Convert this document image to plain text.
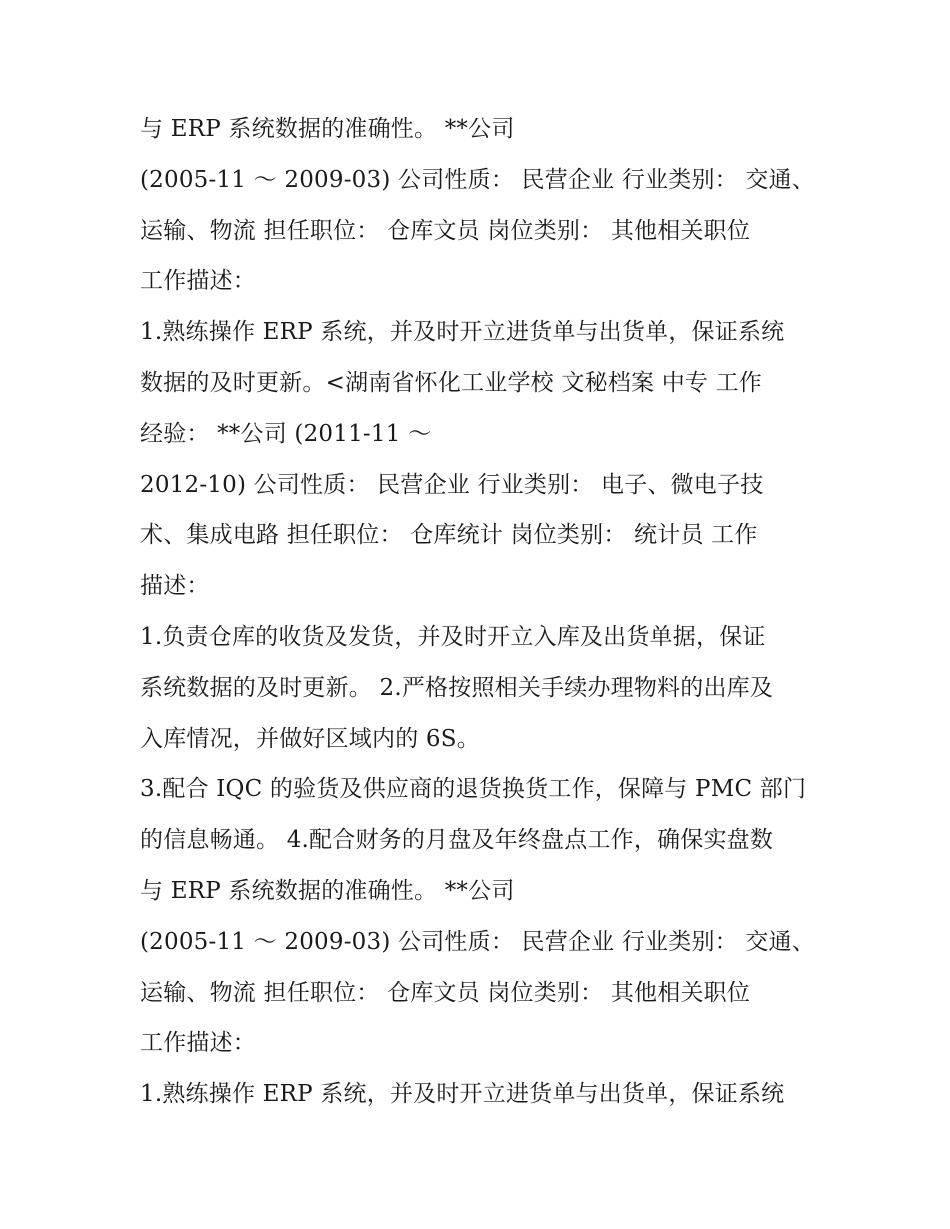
与 ERP 系统数据的准确性。 **公司
(2005-11 ～ 2009-03) 公司性质： 民营企业 行业类别： 交通、
运输、物流 担任职位： 仓库文员 岗位类别： 其他相关职位
工作描述：
1.熟练操作 ERP 系统，并及时开立进货单与出货单，保证系统
数据的及时更新。<湖南省怀化工业学校 文秘档案 中专 工作
经验： **公司 (2011-11 ～
2012-10) 公司性质： 民营企业 行业类别： 电子、微电子技
术、集成电路 担任职位： 仓库统计 岗位类别： 统计员 工作
描述：
1.负责仓库的收货及发货，并及时开立入库及出货单据，保证
系统数据的及时更新。 2.严格按照相关手续办理物料的出库及
入库情况，并做好区域内的 6S。
3.配合 IQC 的验货及供应商的退货换货工作，保障与 PMC 部门
的信息畅通。 4.配合财务的月盘及年终盘点工作，确保实盘数
与 ERP 系统数据的准确性。 **公司
(2005-11 ～ 2009-03) 公司性质： 民营企业 行业类别： 交通、
运输、物流 担任职位： 仓库文员 岗位类别： 其他相关职位
工作描述：
1.熟练操作 ERP 系统，并及时开立进货单与出货单，保证系统
